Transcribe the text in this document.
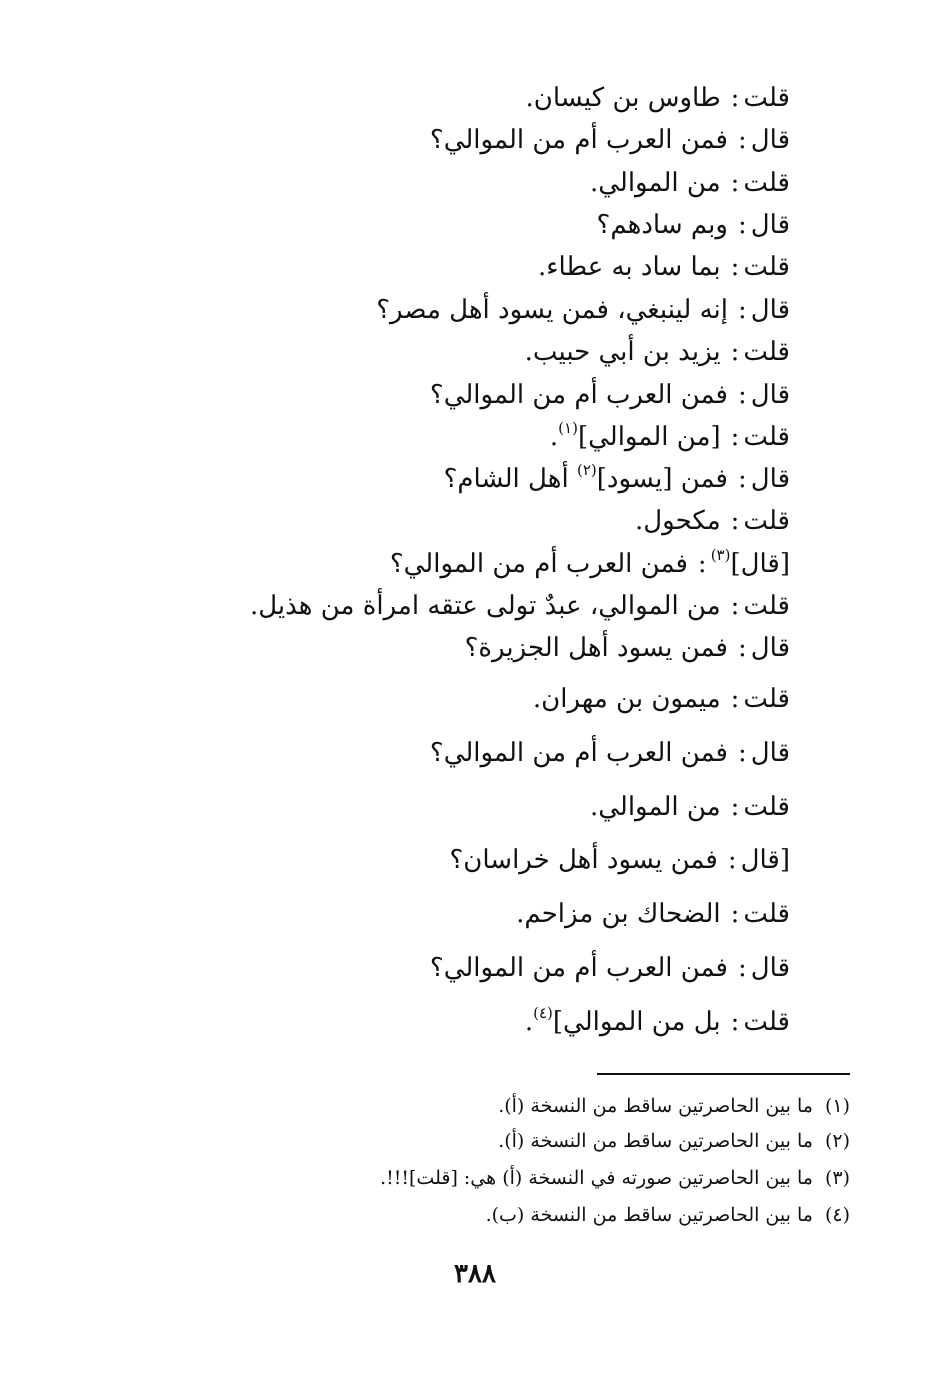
قلت:طاوس بن كيسان.
قال:فمن العرب أم من الموالي؟
قلت:من الموالي.
قال:وبم سادهم؟
قلت:بما ساد به عطاء.
قال:إنه لينبغي، فمن يسود أهل مصر؟
قلت:يزيد بن أبي حبيب.
قال:فمن العرب أم من الموالي؟
قلت:[من الموالي]$^{(١)}$.
قال:فمن [يسود]$^{(٢)}$ أهل الشام؟
قلت:مكحول.
[قال]$^{(٣)}$:فمن العرب أم من الموالي؟
قلت:من الموالي، عبدٌ تولى عتقه امرأة من هذيل.
قال:فمن يسود أهل الجزيرة؟
قلت:ميمون بن مهران.
قال:فمن العرب أم من الموالي؟
قلت:من الموالي.
[قال:فمن يسود أهل خراسان؟
قلت:الضحاك بن مزاحم.
قال:فمن العرب أم من الموالي؟
قلت:بل من الموالي]$^{(٤)}$.
(١)ما بين الحاصرتين ساقط من النسخة (أ).
(٢)ما بين الحاصرتين ساقط من النسخة (أ).
(٣)ما بين الحاصرتين صورته في النسخة (أ) هي: [قلت]!!!.
(٤)ما بين الحاصرتين ساقط من النسخة (ب).
٣٨٨
